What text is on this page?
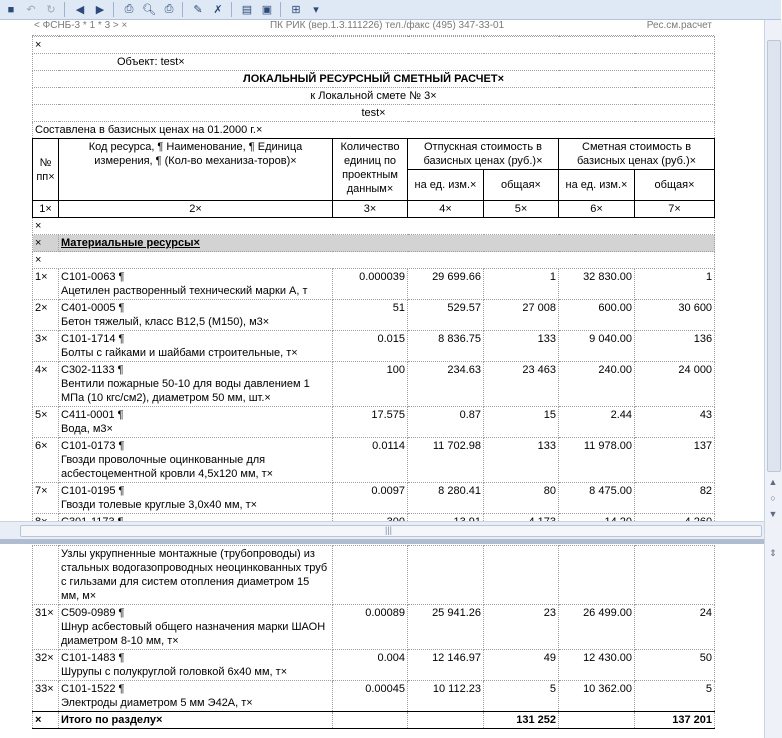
■	↶ ↻	◀	▶	⎙ 🔍︎ ⎙	✎ ✗	▤ ▣	⊞	▾
< ФСНБ-3 * 1 * 3 > ×	ПК РИК (вер.1.3.111226) тел./факс (495) 347-33-01	Рес.см.расчет
×						
Объект: test×						
ЛОКАЛЬНЫЙ РЕСУРСНЫЙ СМЕТНЫЙ РАСЧЕТ×						
к Локальной смете № 3×						
test×						
Составлена в базисных ценах на 01.2000 г.×						
№ пп×	Код ресурса, ¶ Наименование, ¶ Единица измерения, ¶ (Кол-во механиза-торов)×	Количество единиц по проектным данным×	Отпускная стоимость в базисных ценах (руб.)×		Сметная стоимость в базисных ценах (руб.)×	
			на ед. изм.×	общая×	на ед. изм.×	общая×
1×	2×	3×	4×	5×	6×	7×
×						
×	Материальные ресурсы×					
×						
1×	С101-0063 ¶
Ацетилен растворенный технический марки А, т	0.000039	29 699.66	1	32 830.00	1
2×	С401-0005 ¶
Бетон тяжелый, класс В12,5 (М150), м3×	51	529.57	27 008	600.00	30 600
3×	С101-1714 ¶
Болты с гайками и шайбами строительные, т×	0.015	8 836.75	133	9 040.00	136
4×	С302-1133 ¶
Вентили пожарные 50-10 для воды давлением 1 МПа (10 кгс/см2), диаметром 50 мм, шт.×	100	234.63	23 463	240.00	24 000
5×	С411-0001 ¶
Вода, м3×	17.575	0.87	15	2.44	43
6×	С101-0173 ¶
Гвозди проволочные оцинкованные для асбестоцементной кровли 4,5х120 мм, т×	0.0114	11 702.98	133	11 978.00	137
7×	С101-0195 ¶
Гвозди толевые круглые 3,0х40 мм, т×	0.0097	8 280.41	80	8 475.00	82

|||

	Узлы укрупненные монтажные (трубопроводы) из стальных водогазопроводных неоцинкованных труб с гильзами для систем отопления диаметром 15 мм, м×					

31×	С509-0989 ¶
Шнур асбестовый общего назначения марки ШАОН диаметром 8-10 мм, т×	0.00089	25 941.26	23	26 499.00	24
32×	С101-1483 ¶
Шурупы с полукруглой головкой 6х40 мм, т×	0.004	12 146.97	49	12 430.00	50
33×	С101-1522 ¶
Электроды диаметром 5 мм Э42А, т×	0.00045	10 112.23	5	10 362.00	5
×	Итого по разделу×			131 252		137 201
▲
○
▼
⇕
